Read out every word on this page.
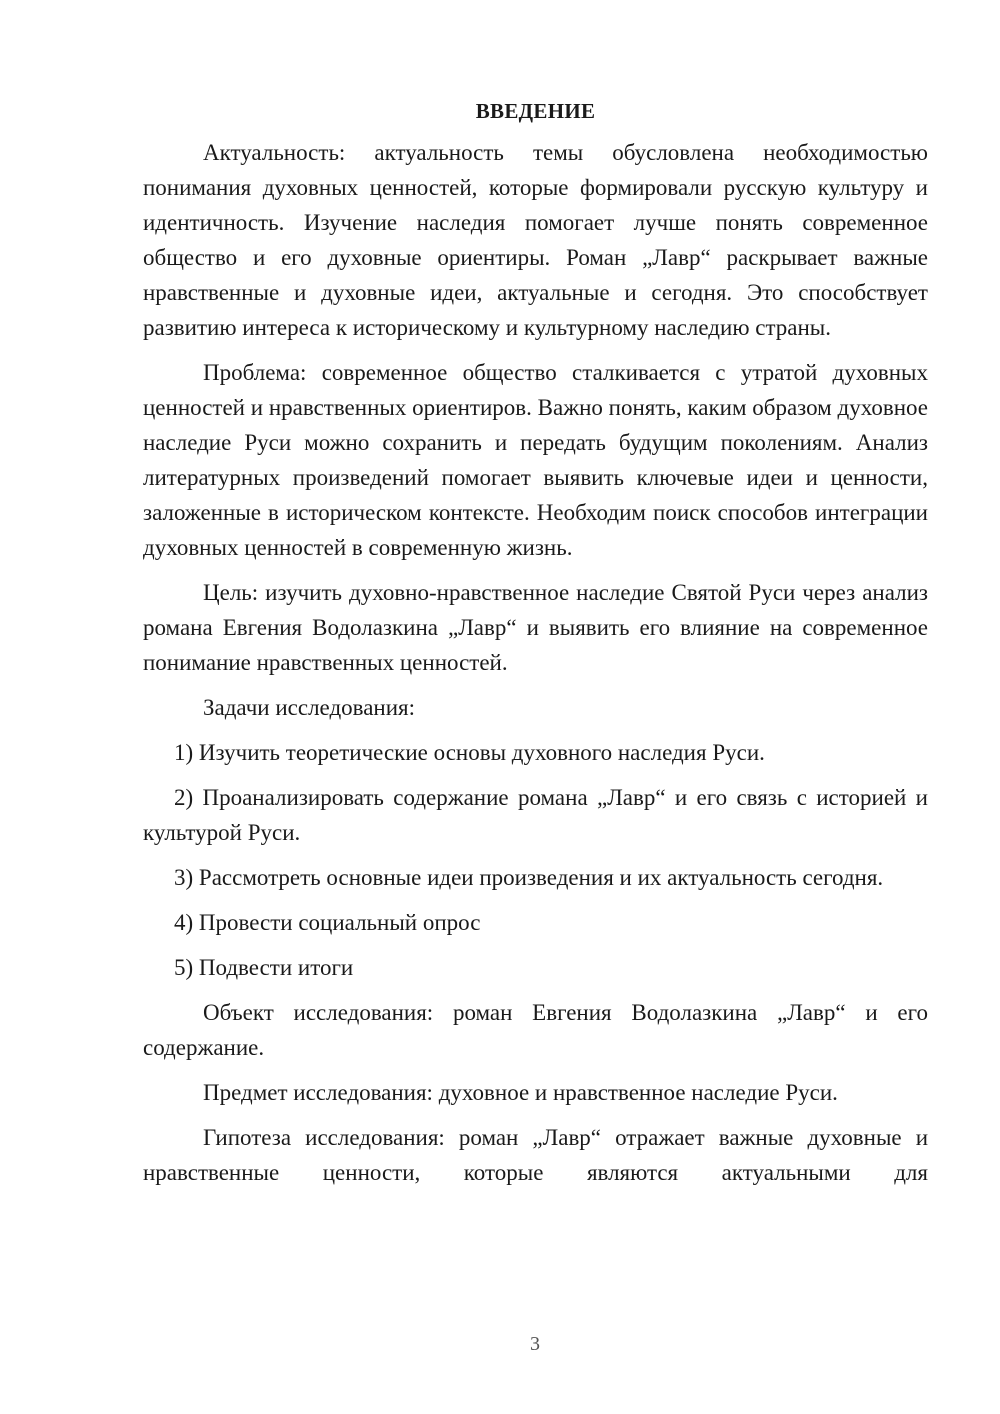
ВВЕДЕНИЕ

Актуальность: актуальность темы обусловлена необходимостью понимания духовных ценностей, которые формировали русскую культуру и идентичность. Изучение наследия помогает лучше понять современное общество и его духовные ориентиры. Роман „Лавр“ раскрывает важные нравственные и духовные идеи, актуальные и сегодня. Это способствует развитию интереса к историческому и культурному наследию страны.

Проблема: современное общество сталкивается с утратой духовных ценностей и нравственных ориентиров. Важно понять, каким образом духовное наследие Руси можно сохранить и передать будущим поколениям. Анализ литературных произведений помогает выявить ключевые идеи и ценности, заложенные в историческом контексте. Необходим поиск способов интеграции духовных ценностей в современную жизнь.

Цель: изучить духовно-нравственное наследие Святой Руси через анализ романа Евгения Водолазкина „Лавр“ и выявить его влияние на современное понимание нравственных ценностей.

Задачи исследования:

1) Изучить теоретические основы духовного наследия Руси.

2) Проанализировать содержание романа „Лавр“ и его связь с историей и культурой Руси.

3) Рассмотреть основные идеи произведения и их актуальность сегодня.

4) Провести социальный опрос

5) Подвести итоги

Объект исследования: роман Евгения Водолазкина „Лавр“ и его содержание.

Предмет исследования: духовное и нравственное наследие Руси.

Гипотеза исследования: роман „Лавр“ отражает важные духовные и нравственные ценности, которые являются актуальными для

3
